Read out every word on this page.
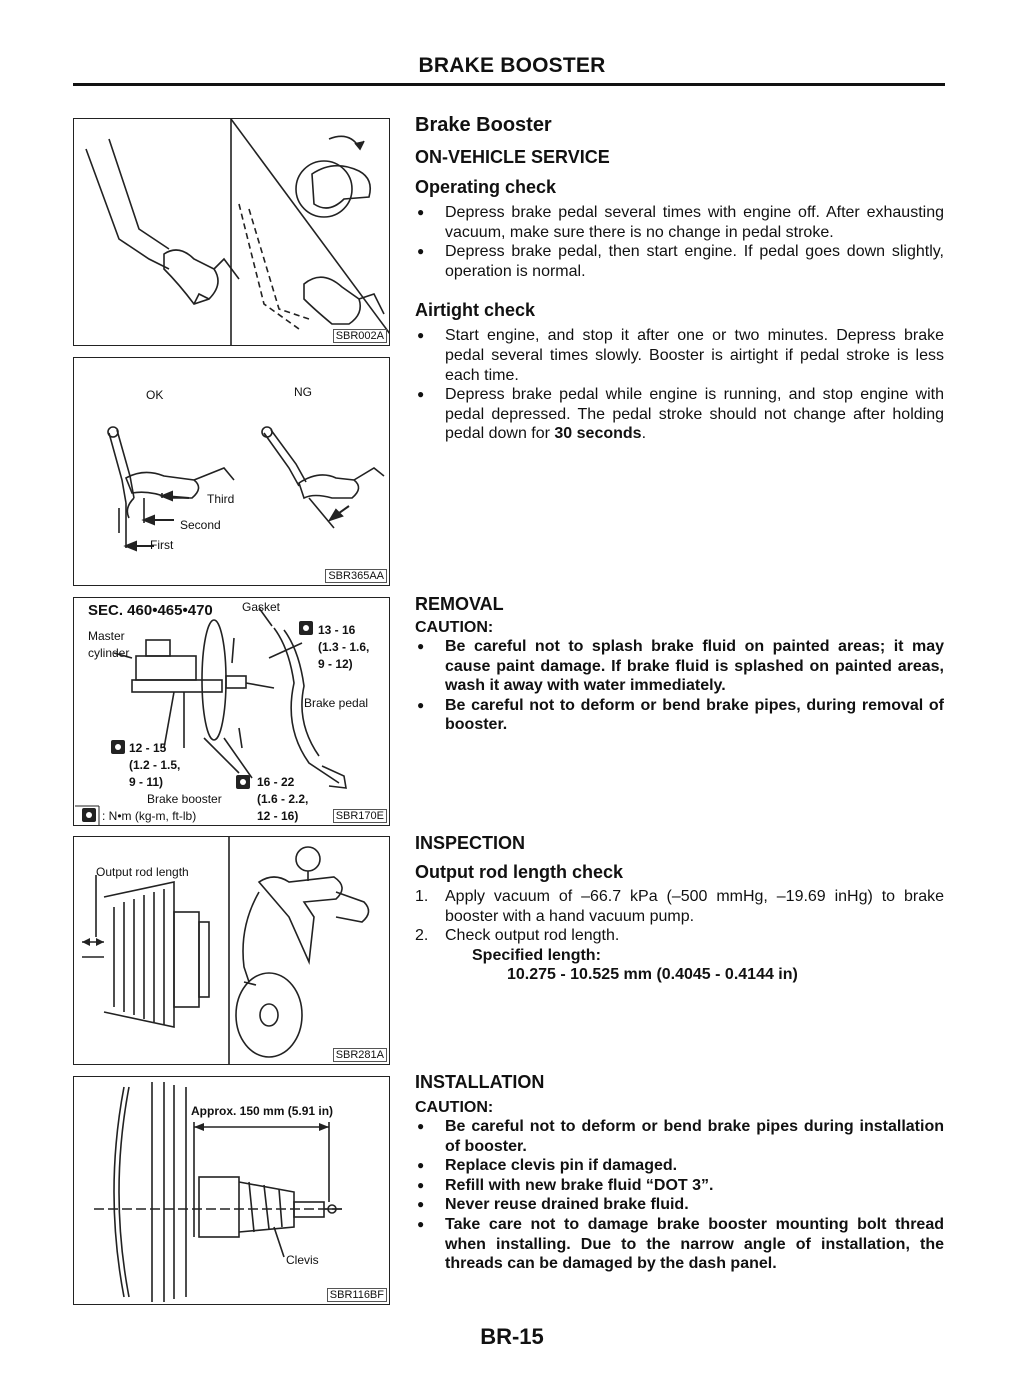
BRAKE BOOSTER
SBR002A
OK	NG
Third
Second
First
SBR365AA
SEC. 460•465•470 Gasket
Master
cylinder
13 - 16
(1.3 - 1.6,
9 - 12)
Brake pedal
12 - 15
(1.2 - 1.5,
9 - 11)	16 - 22
(1.6 - 2.2,
12 - 16)
Brake booster
: N•m (kg-m, ft-lb)	SBR170E
Output rod length
SBR281A
Approx. 150 mm (5.91 in)
Clevis
SBR116BF
Brake Booster
ON-VEHICLE SERVICE
Operating check
● Depress brake pedal several times with engine off. After exhausting vacuum, make sure there is no change in pedal stroke.
● Depress brake pedal, then start engine. If pedal goes down slightly, operation is normal.
Airtight check
● Start engine, and stop it after one or two minutes. Depress brake pedal several times slowly. Booster is airtight if pedal stroke is less each time.
● Depress brake pedal while engine is running, and stop engine with pedal depressed. The pedal stroke should not change after holding pedal down for 30 seconds.
REMOVAL
CAUTION:
● Be careful not to splash brake fluid on painted areas; it may cause paint damage. If brake fluid is splashed on painted areas, wash it away with water immediately.
● Be careful not to deform or bend brake pipes, during removal of booster.
INSPECTION
Output rod length check
1. Apply vacuum of –66.7 kPa (–500 mmHg, –19.69 inHg) to brake booster with a hand vacuum pump.
2. Check output rod length.
Specified length:
10.275 - 10.525 mm (0.4045 - 0.4144 in)
INSTALLATION
CAUTION:
● Be careful not to deform or bend brake pipes during installation of booster.
● Replace clevis pin if damaged.
● Refill with new brake fluid “DOT 3”.
● Never reuse drained brake fluid.
● Take care not to damage brake booster mounting bolt thread when installing. Due to the narrow angle of installation, the threads can be damaged by the dash panel.
BR-15
